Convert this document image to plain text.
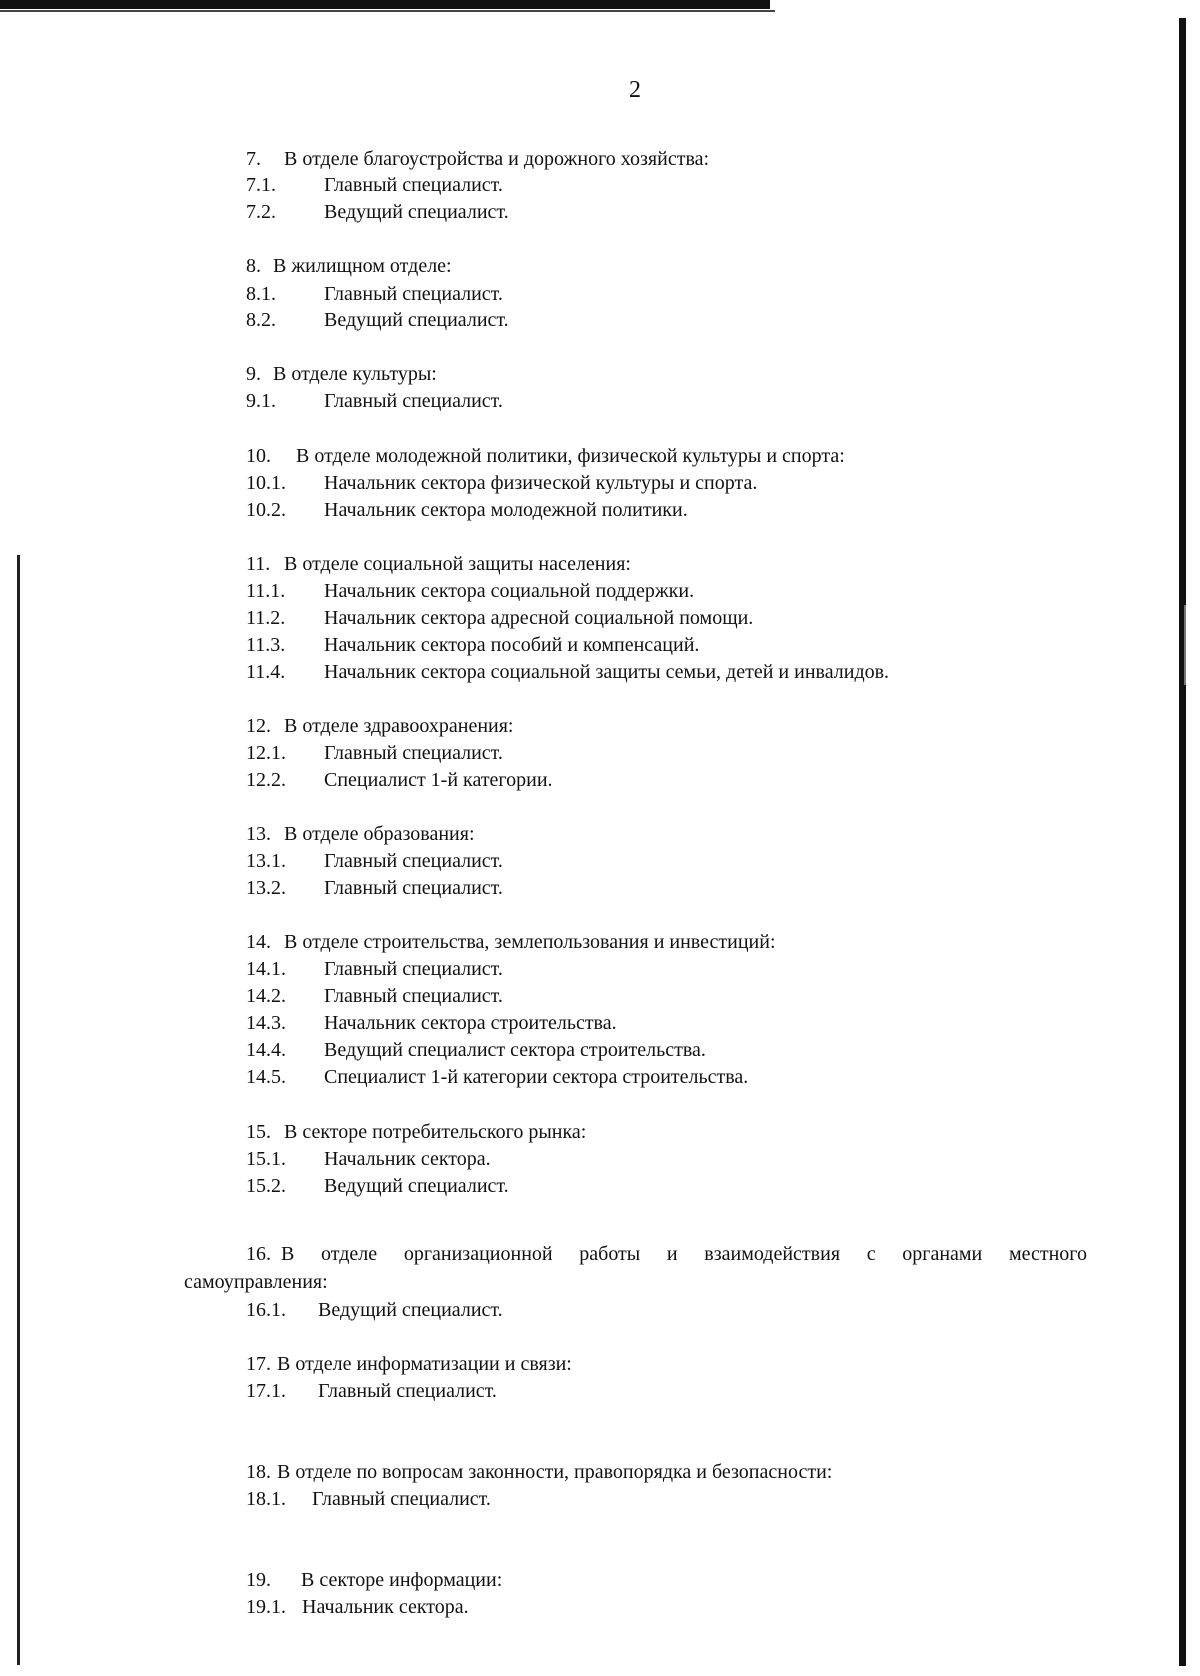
2
7. В отделе благоустройства и дорожного хозяйства:
7.1. Главный специалист.
7.2. Ведущий специалист.
8. В жилищном отделе:
8.1. Главный специалист.
8.2. Ведущий специалист.
9. В отделе культуры:
9.1. Главный специалист.
10. В отделе молодежной политики, физической культуры и спорта:
10.1. Начальник сектора физической культуры и спорта.
10.2. Начальник сектора молодежной политики.
11. В отделе социальной защиты населения:
11.1. Начальник сектора социальной поддержки.
11.2. Начальник сектора адресной социальной помощи.
11.3. Начальник сектора пособий и компенсаций.
11.4. Начальник сектора социальной защиты семьи, детей и инвалидов.
12. В отделе здравоохранения:
12.1. Главный специалист.
12.2. Специалист 1-й категории.
13. В отделе образования:
13.1. Главный специалист.
13.2. Главный специалист.
14. В отделе строительства, землепользования и инвестиций:
14.1. Главный специалист.
14.2. Главный специалист.
14.3. Начальник сектора строительства.
14.4. Ведущий специалист сектора строительства.
14.5. Специалист 1-й категории сектора строительства.
15. В секторе потребительского рынка:
15.1. Начальник сектора.
15.2. Ведущий специалист.
16. В отделе организационной работы и взаимодействия с органами местного
самоуправления:
16.1. Ведущий специалист.
17. В отделе информатизации и связи:
17.1. Главный специалист.
18. В отделе по вопросам законности, правопорядка и безопасности:
18.1. Главный специалист.
19. В секторе информации:
19.1. Начальник сектора.
